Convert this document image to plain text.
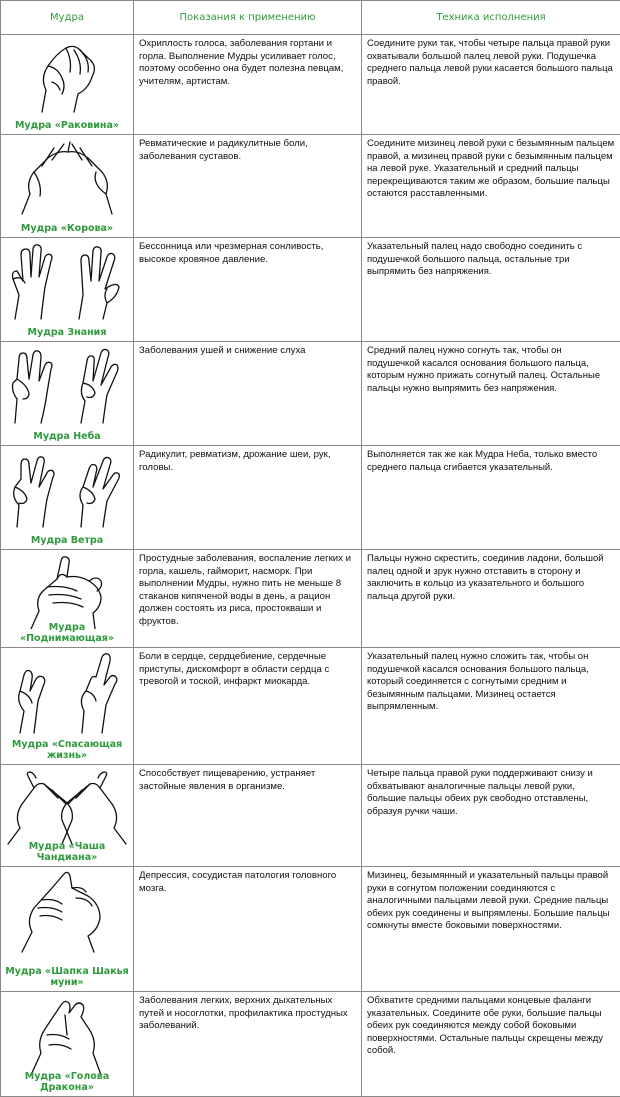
Мудра	Показания к применению	Техника исполнения

Мудра «Раковина»	Охриплость голоса, заболевания гортани и горла. Выполнение Мудры усиливает голос, поэтому особенно она будет полезна певцам, учителям, артистам.	Соедините руки так, чтобы четыре пальца правой руки охватывали большой палец левой руки. Подушечка среднего пальца левой руки касается большого пальца правой.

Мудра «Корова»	Ревматические и радикулитные боли, заболевания суставов.	Соедините мизинец левой руки с безымянным пальцем правой, а мизинец правой руки с безымянным пальцем на левой руке. Указательный и средний пальцы перекрещиваются таким же образом, большие пальцы остаются расставленными.

Мудра Знания	Бессонница или чрезмерная сонливость, высокое кровяное давление.	Указательный палец надо свободно соединить с подушечкой большого пальца, остальные три выпрямить без напряжения.

Мудра Неба	Заболевания ушей и снижение слуха	Средний палец нужно согнуть так, чтобы он подушечкой касался основания большого пальца, которым нужно прижать согнутый палец. Остальные пальцы нужно выпрямить без напряжения.

Мудра Ветра	Радикулит, ревматизм, дрожание шеи, рук, головы.	Выполняется так же как Мудра Неба, только вместо среднего пальца сгибается указательный.

Мудра «Поднимающая»	Простудные заболевания, воспаление легких и горла, кашель, гайморит, насморк. При выполнении Мудры, нужно пить не меньше 8 стаканов кипяченой воды в день, а рацион должен состоять из риса, простокваши и фруктов.	Пальцы нужно скрестить, соединив ладони, большой палец одной и зрук нужно отставить в сторону и заключить в кольцо из указательного и большого пальца другой руки.

Мудра «Спасающая жизнь»	Боли в сердце, сердцебиение, сердечные приступы, дискомфорт в области сердца с тревогой и тоской, инфаркт миокарда.	Указательный палец нужно сложить так, чтобы он подушечкой касался основания большого пальца, который соединяется с согнутыми средним и безымянным пальцами. Мизинец остается выпрямленным.

Мудра «Чаша Чандиана»	Способствует пищеварению, устраняет застойные явления в организме.	Четыре пальца правой руки поддерживают снизу и обхватывают аналогичные пальцы левой руки, большие пальцы обеих рук свободно отставлены, образуя ручки чаши.

Мудра «Шапка Шакья муни»	Депрессия, сосудистая патология головного мозга.	Мизинец, безымянный и указательный пальцы правой руки в согнутом положении соединяются с аналогичными пальцами левой руки. Средние пальцы обеих рук соединены и выпрямлены. Большие пальцы сомкнуты вместе боковыми поверхностями.

Мудра «Голова Дракона»	Заболевания легких, верхних дыхательных путей и носоглотки, профилактика простудных заболеваний.	Обхватите средними пальцами концевые фаланги указательных. Соедините обе руки, большие пальцы обеих рук соединяются между собой боковыми поверхностями. Остальные пальцы скрещены между собой.
